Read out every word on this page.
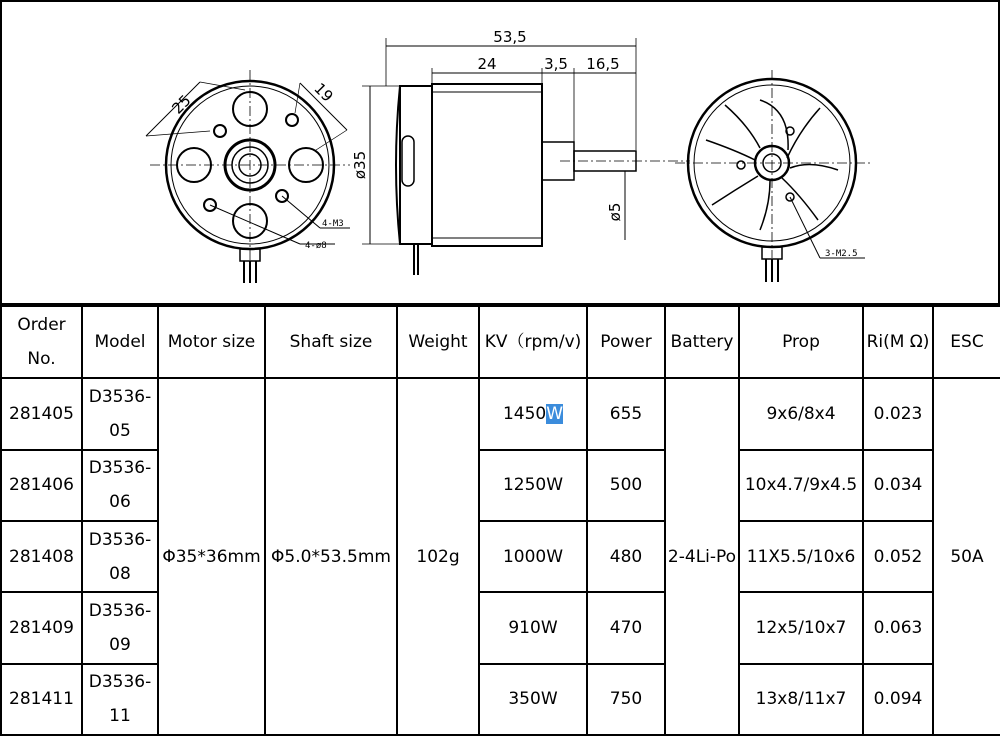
25	19
4-M3
4-ø8
53,5
24	3,5 16,5
ø35
ø5
3-M2.5
Order No.	Model	Motor size	Shaft size	Weight	KV（rpm/v)	Power	Battery	Prop	Ri(M Ω)	ESC
281405	D3536-05	Φ35*36mm	Φ5.0*53.5mm	102g	1450W	655	2-4Li-Po	9x6/8x4	0.023	50A
281406	D3536-06				1250W	500		10x4.7/9x4.5	0.034	
281408	D3536-08				1000W	480		11X5.5/10x6	0.052	
281409	D3536-09				910W	470		12x5/10x7	0.063	
281411	D3536-11				350W	750		13x8/11x7	0.094	
